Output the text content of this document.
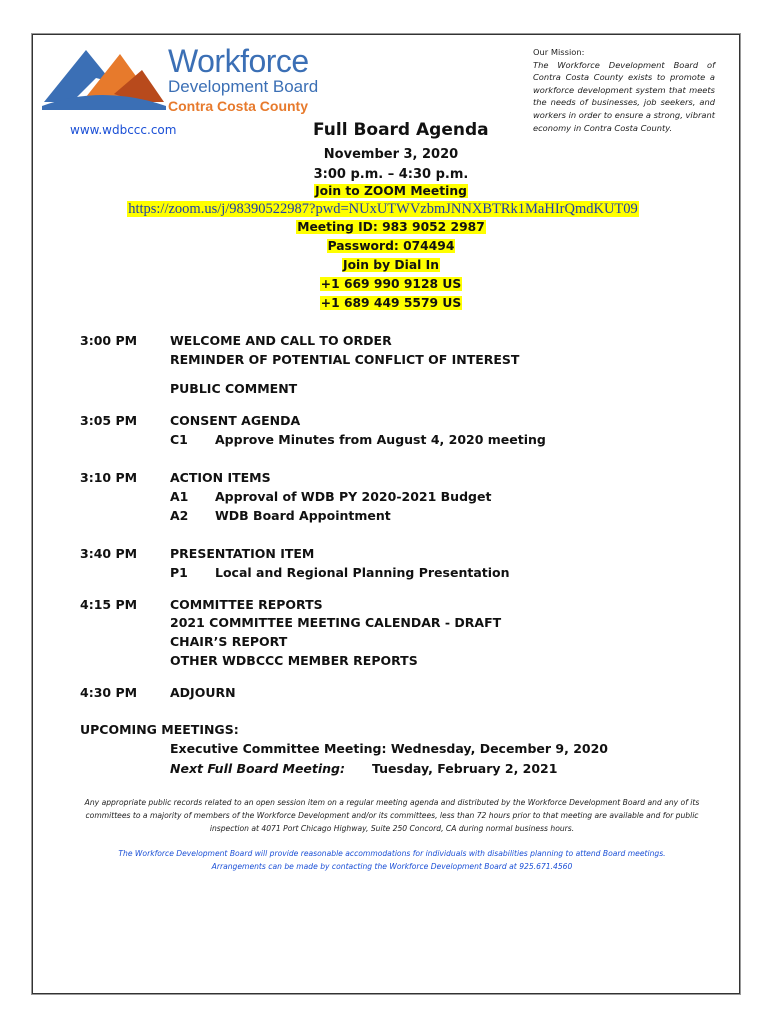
Workforce
Development Board
Contra Costa County
www.wdbccc.com
Our Mission:
The Workforce Development Board of Contra Costa County exists to promote a workforce development system that meets the needs of businesses, job seekers, and workers in order to ensure a strong, vibrant economy in Contra Costa County.
Full Board Agenda
November 3, 2020
3:00 p.m. – 4:30 p.m.
Join to ZOOM Meeting
https://zoom.us/j/98390522987?pwd=NUxUTWVzbmJNNXBTRk1MaHIrQmdKUT09
Meeting ID: 983 9052 2987
Password: 074494
Join by Dial In
+1 669 990 9128 US
+1 689 449 5579 US
3:00 PM	WELCOME AND CALL TO ORDER
REMINDER OF POTENTIAL CONFLICT OF INTEREST
PUBLIC COMMENT
3:05 PM	CONSENT AGENDA
C1 Approve Minutes from August 4, 2020 meeting
3:10 PM	ACTION ITEMS
A1 Approval of WDB PY 2020-2021 Budget
A2 WDB Board Appointment
3:40 PM	PRESENTATION ITEM
P1 Local and Regional Planning Presentation
4:15 PM	COMMITTEE REPORTS
2021 COMMITTEE MEETING CALENDAR - DRAFT
CHAIR’S REPORT
OTHER WDBCCC MEMBER REPORTS
4:30 PM	ADJOURN
UPCOMING MEETINGS:
Executive Committee Meeting: Wednesday, December 9, 2020
Next Full Board Meeting: Tuesday, February 2, 2021
Any appropriate public records related to an open session item on a regular meeting agenda and distributed by the Workforce Development Board and any of its committees to a majority of members of the Workforce Development and/or its committees, less than 72 hours prior to that meeting are available and for public inspection at 4071 Port Chicago Highway, Suite 250 Concord, CA during normal business hours.
The Workforce Development Board will provide reasonable accommodations for individuals with disabilities planning to attend Board meetings.
Arrangements can be made by contacting the Workforce Development Board at 925.671.4560
